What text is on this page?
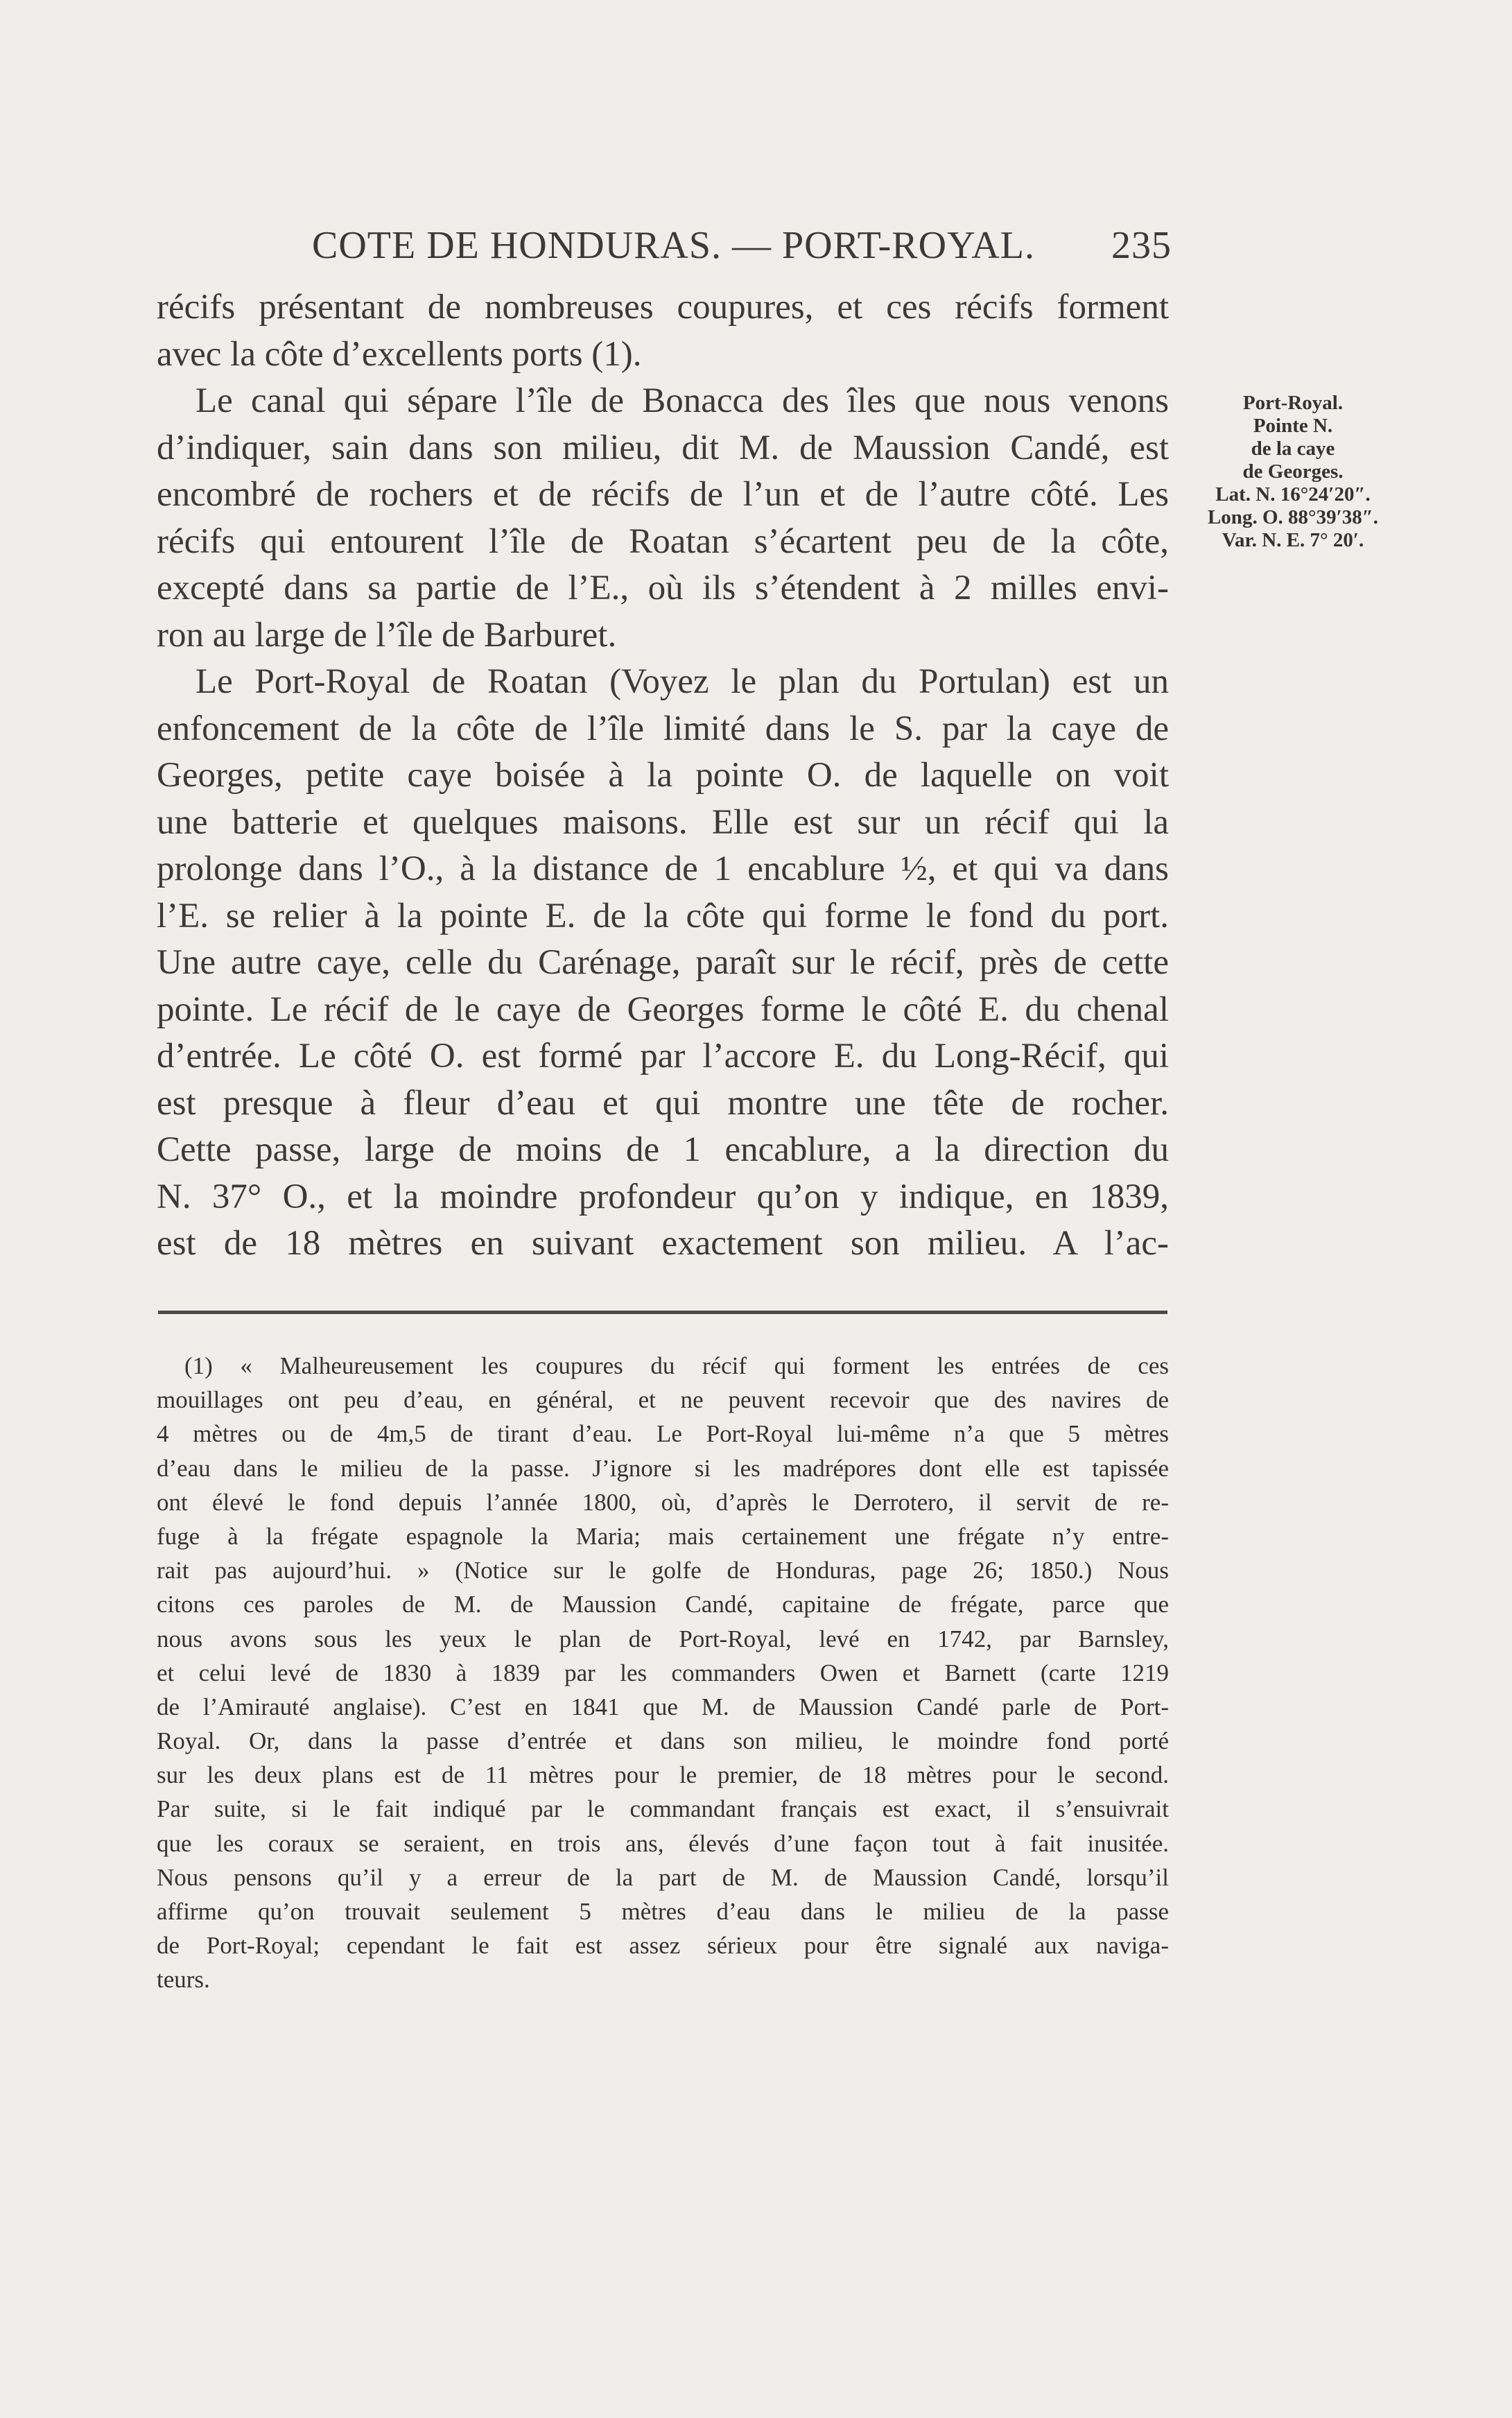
COTE DE HONDURAS. — PORT-ROYAL. 235
récifs présentant de nombreuses coupures, et ces récifs forment
avec la côte d’excellents ports (1).
Le canal qui sépare l’île de Bonacca des îles que nous venons
d’indiquer, sain dans son milieu, dit M. de Maussion Candé, est
encombré de rochers et de récifs de l’un et de l’autre côté. Les
récifs qui entourent l’île de Roatan s’écartent peu de la côte,
excepté dans sa partie de l’E., où ils s’étendent à 2 milles envi-
ron au large de l’île de Barburet.
Le Port-Royal de Roatan (Voyez le plan du Portulan) est un
enfoncement de la côte de l’île limité dans le S. par la caye de
Georges, petite caye boisée à la pointe O. de laquelle on voit
une batterie et quelques maisons. Elle est sur un récif qui la
prolonge dans l’O., à la distance de 1 encablure ½, et qui va dans
l’E. se relier à la pointe E. de la côte qui forme le fond du port.
Une autre caye, celle du Carénage, paraît sur le récif, près de cette
pointe. Le récif de le caye de Georges forme le côté E. du chenal
d’entrée. Le côté O. est formé par l’accore E. du Long-Récif, qui
est presque à fleur d’eau et qui montre une tête de rocher.
Cette passe, large de moins de 1 encablure, a la direction du
N. 37° O., et la moindre profondeur qu’on y indique, en 1839,
est de 18 mètres en suivant exactement son milieu. A l’ac-
Port-Royal.
Pointe N.
de la caye
de Georges.
Lat. N. 16°24′20″.
Long. O. 88°39′38″.
Var. N. E. 7° 20′.
(1) « Malheureusement les coupures du récif qui forment les entrées de ces
mouillages ont peu d’eau, en général, et ne peuvent recevoir que des navires de
4 mètres ou de 4m,5 de tirant d’eau. Le Port-Royal lui-même n’a que 5 mètres
d’eau dans le milieu de la passe. J’ignore si les madrépores dont elle est tapissée
ont élevé le fond depuis l’année 1800, où, d’après le Derrotero, il servit de re-
fuge à la frégate espagnole la Maria; mais certainement une frégate n’y entre-
rait pas aujourd’hui. » (Notice sur le golfe de Honduras, page 26; 1850.) Nous
citons ces paroles de M. de Maussion Candé, capitaine de frégate, parce que
nous avons sous les yeux le plan de Port-Royal, levé en 1742, par Barnsley,
et celui levé de 1830 à 1839 par les commanders Owen et Barnett (carte 1219
de l’Amirauté anglaise). C’est en 1841 que M. de Maussion Candé parle de Port-
Royal. Or, dans la passe d’entrée et dans son milieu, le moindre fond porté
sur les deux plans est de 11 mètres pour le premier, de 18 mètres pour le second.
Par suite, si le fait indiqué par le commandant français est exact, il s’ensuivrait
que les coraux se seraient, en trois ans, élevés d’une façon tout à fait inusitée.
Nous pensons qu’il y a erreur de la part de M. de Maussion Candé, lorsqu’il
affirme qu’on trouvait seulement 5 mètres d’eau dans le milieu de la passe
de Port-Royal; cependant le fait est assez sérieux pour être signalé aux naviga-
teurs.
